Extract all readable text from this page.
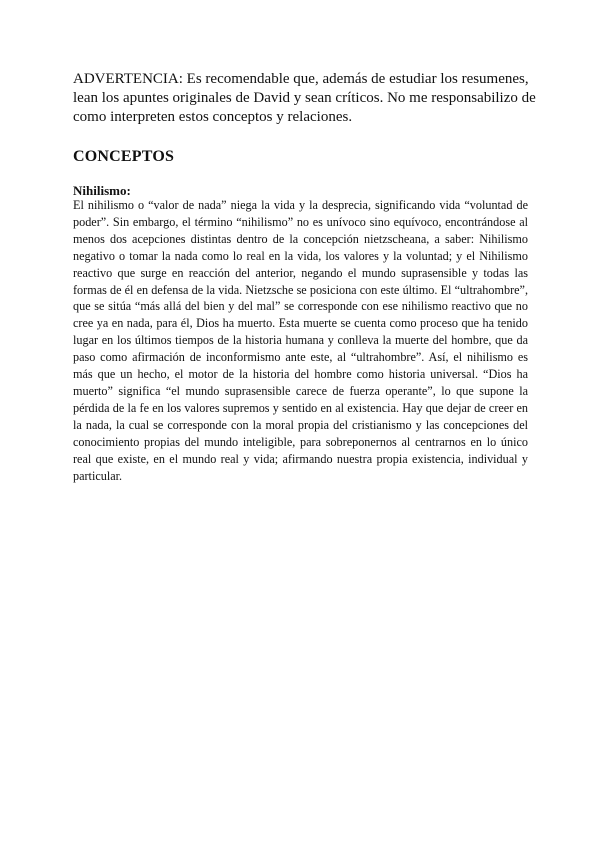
ADVERTENCIA: Es recomendable que, además de estudiar los resumenes, lean los apuntes originales de David y sean críticos. No me responsabilizo de como interpreten estos conceptos y relaciones.

CONCEPTOS
Nihilismo:

El nihilismo o “valor de nada” niega la vida y la desprecia, significando vida “voluntad de poder”. Sin embargo, el término “nihilismo” no es unívoco sino equívoco, encontrándose al menos dos acepciones distintas dentro de la concepción nietzscheana, a saber: Nihilismo negativo o tomar la nada como lo real en la vida, los valores y la voluntad; y el Nihilismo reactivo que surge en reacción del anterior, negando el mundo suprasensible y todas las formas de él en defensa de la vida. Nietzsche se posiciona con este último. El “ultrahombre”, que se sitúa “más allá del bien y del mal” se corresponde con ese nihilismo reactivo que no cree ya en nada, para él, Dios ha muerto. Esta muerte se cuenta como proceso que ha tenido lugar en los últimos tiempos de la historia humana y conlleva la muerte del hombre, que da paso como afirmación de inconformismo ante este, al “ultrahombre”. Así, el nihilismo es más que un hecho, el motor de la historia del hombre como historia universal. “Dios ha muerto” significa “el mundo suprasensible carece de fuerza operante”, lo que supone la pérdida de la fe en los valores supremos y sentido en al existencia. Hay que dejar de creer en la nada, la cual se corresponde con la moral propia del cristianismo y las concepciones del conocimiento propias del mundo inteligible, para sobreponernos al centrarnos en lo único real que existe, en el mundo real y vida; afirmando nuestra propia existencia, individual y particular.
